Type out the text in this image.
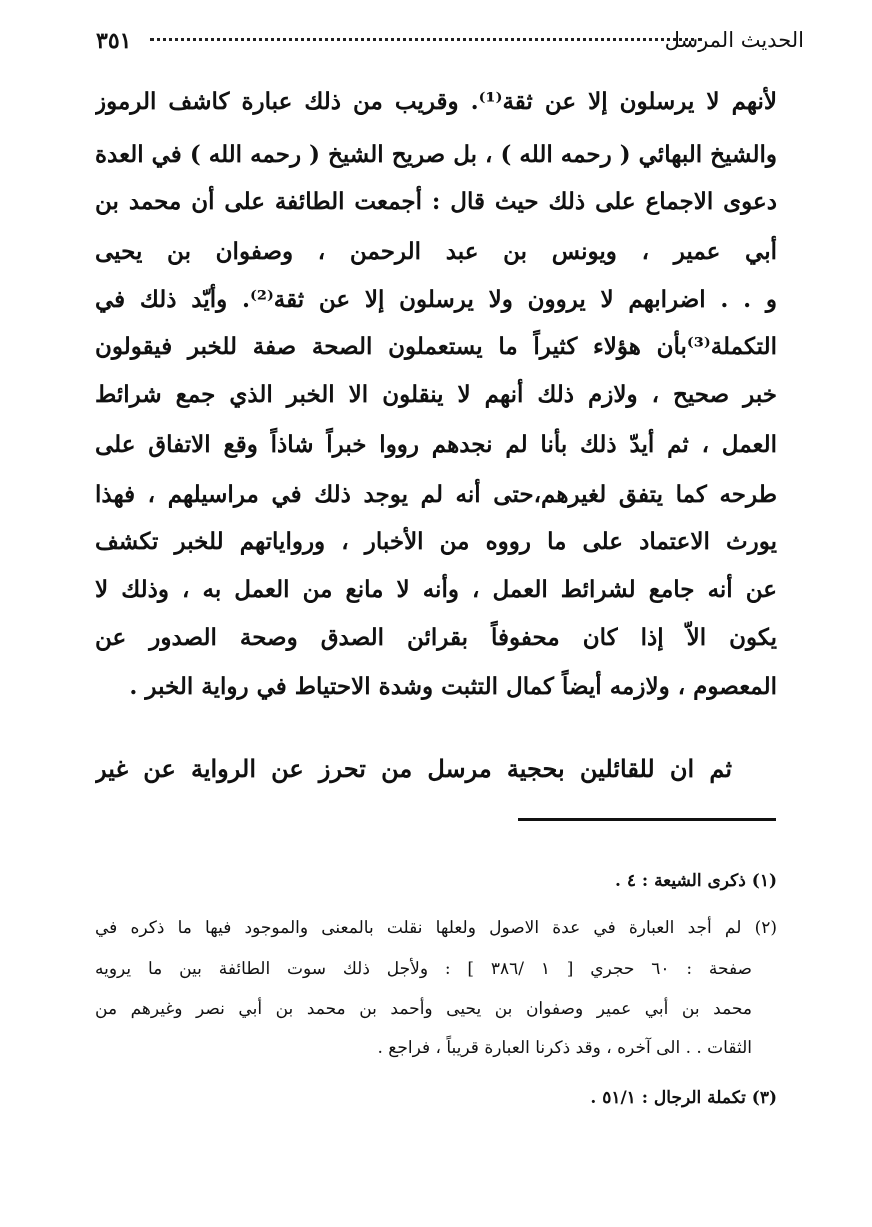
الحديث المرسل
٣٥١
لأنهم لا يرسلون إلا عن ثقة⁽¹⁾. وقريب من ذلك عبارة كاشف الرموز
والشيخ البهائي ( رحمه الله ) ، بل صريح الشيخ ( رحمه الله ) في العدة
دعوى الاجماع على ذلك حيث قال : أجمعت الطائفة على أن محمد بن
أبي عمير ، ويونس بن عبد الرحمن ، وصفوان بن يحيى
و . . اضرابهم لا يروون ولا يرسلون إلا عن ثقة⁽²⁾. وأيّد ذلك في
التكملة⁽³⁾بأن هؤلاء كثيراً ما يستعملون الصحة صفة للخبر فيقولون
خبر صحيح ، ولازم ذلك أنهم لا ينقلون الا الخبر الذي جمع شرائط
العمل ، ثم أيدّ ذلك بأنا لم نجدهم رووا خبراً شاذاً وقع الاتفاق على
طرحه كما يتفق لغيرهم،حتى أنه لم يوجد ذلك في مراسيلهم ، فهذا
يورث الاعتماد على ما رووه من الأخبار ، ورواياتهم للخبر تكشف
عن أنه جامع لشرائط العمل ، وأنه لا مانع من العمل به ، وذلك لا
يكون الاّ إذا كان محفوفاً بقرائن الصدق وصحة الصدور عن
المعصوم ، ولازمه أيضاً كمال التثبت وشدة الاحتياط في رواية الخبر .
ثم ان للقائلين بحجية مرسل من تحرز عن الرواية عن غير
(١) ذكرى الشيعة : ٤ .
(٢) لم أجد العبارة في عدة الاصول ولعلها نقلت بالمعنى والموجود فيها ما ذكره في
صفحة : ٦٠ حجري [ ١ /٣٨٦ ] : ولأجل ذلك سوت الطائفة بين ما يرويه
محمد بن أبي عمير وصفوان بن يحيى وأحمد بن محمد بن أبي نصر وغيرهم من
الثقات . . الى آخره ، وقد ذكرنا العبارة قريباً ، فراجع .
(٣) تكملة الرجال : ٥١/١ .
